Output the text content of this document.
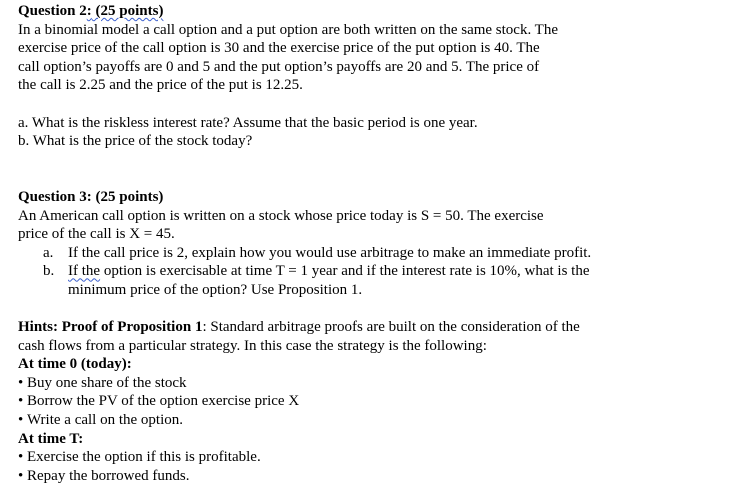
Question 2: (25 points)
In a binomial model a call option and a put option are both written on the same stock. The
exercise price of the call option is 30 and the exercise price of the put option is 40. The
call option’s payoffs are 0 and 5 and the put option’s payoffs are 20 and 5. The price of
the call is 2.25 and the price of the put is 12.25.
a. What is the riskless interest rate? Assume that the basic period is one year.
b. What is the price of the stock today?
Question 3: (25 points)
An American call option is written on a stock whose price today is S = 50. The exercise
price of the call is X = 45.
a. If the call price is 2, explain how you would use arbitrage to make an immediate profit.
b. If the option is exercisable at time T = 1 year and if the interest rate is 10%, what is the
minimum price of the option? Use Proposition 1.
Hints: Proof of Proposition 1: Standard arbitrage proofs are built on the consideration of the
cash flows from a particular strategy. In this case the strategy is the following:
At time 0 (today):
• Buy one share of the stock
• Borrow the PV of the option exercise price X
• Write a call on the option.
At time T:
• Exercise the option if this is profitable.
• Repay the borrowed funds.
